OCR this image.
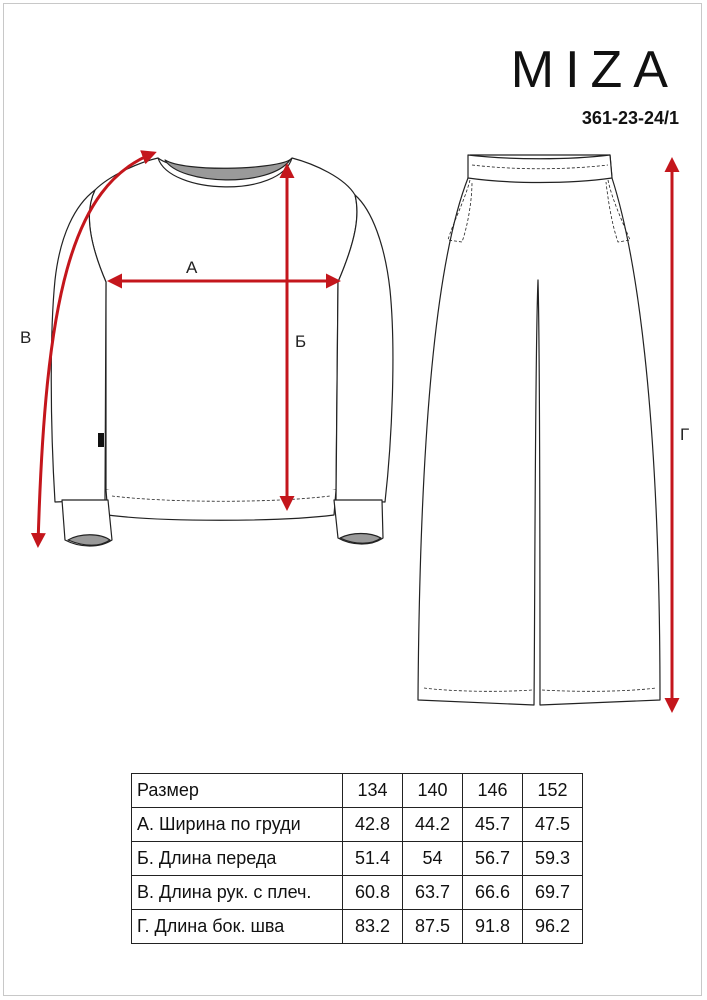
MIZA
361-23-24/1
А
Б
В
Г
Размер	134	140	146	152
А. Ширина по груди	42.8	44.2	45.7	47.5
Б. Длина переда	51.4	54	56.7	59.3
В. Длина рук. с плеч.	60.8	63.7	66.6	69.7
Г. Длина бок. шва	83.2	87.5	91.8	96.2
